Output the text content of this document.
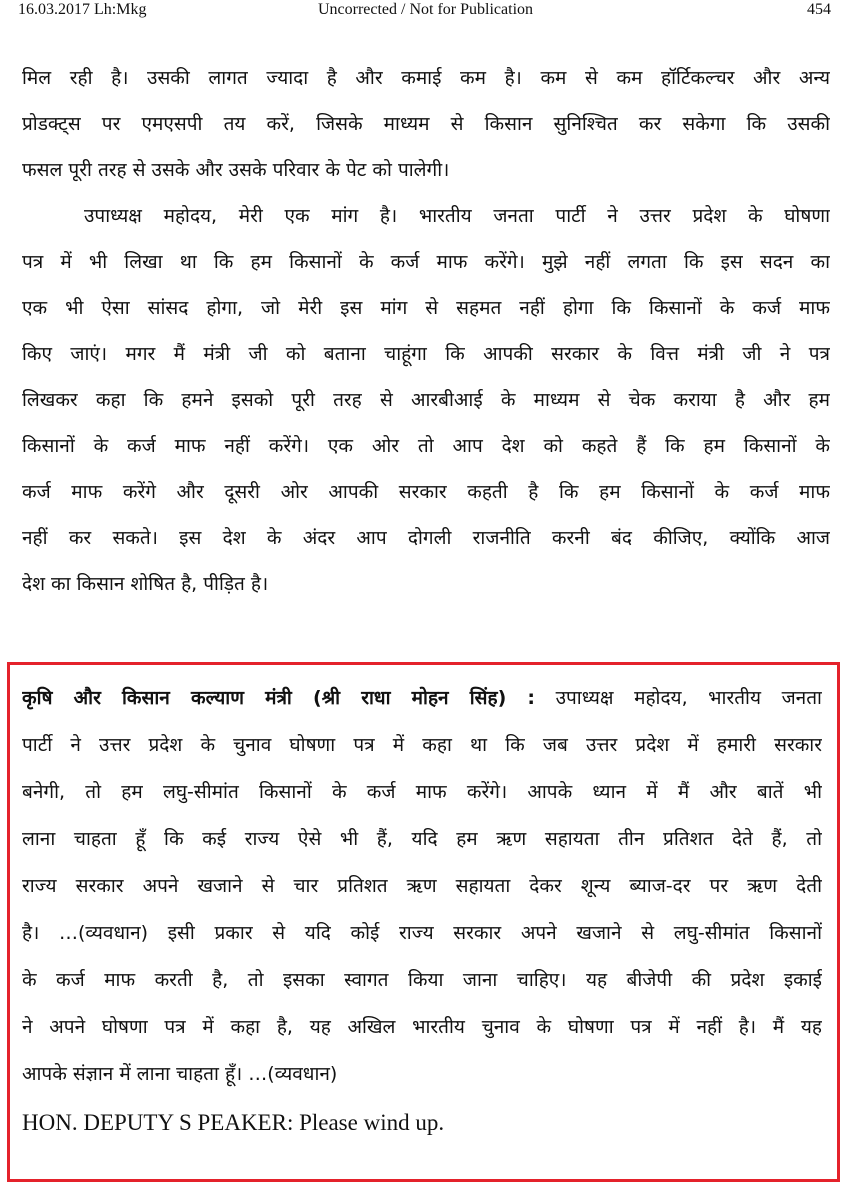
16.03.2017 Lh:Mkg	Uncorrected / Not for Publication	454
मिल रही है। उसकी लागत ज्यादा है और कमाई कम है। कम से कम हॉर्टिकल्चर और अन्य
प्रोडक्ट्स पर एमएसपी तय करें, जिसके माध्यम से किसान सुनिश्चित कर सकेगा कि उसकी
फसल पूरी तरह से उसके और उसके परिवार के पेट को पालेगी।
उपाध्यक्ष महोदय, मेरी एक मांग है। भारतीय जनता पार्टी ने उत्तर प्रदेश के घोषणा
पत्र में भी लिखा था कि हम किसानों के कर्ज माफ करेंगे। मुझे नहीं लगता कि इस सदन का
एक भी ऐसा सांसद होगा, जो मेरी इस मांग से सहमत नहीं होगा कि किसानों के कर्ज माफ
किए जाएं। मगर मैं मंत्री जी को बताना चाहूंगा कि आपकी सरकार के वित्त मंत्री जी ने पत्र
लिखकर कहा कि हमने इसको पूरी तरह से आरबीआई के माध्यम से चेक कराया है और हम
किसानों के कर्ज माफ नहीं करेंगे। एक ओर तो आप देश को कहते हैं कि हम किसानों के
कर्ज माफ करेंगे और दूसरी ओर आपकी सरकार कहती है कि हम किसानों के कर्ज माफ
नहीं कर सकते। इस देश के अंदर आप दोगली राजनीति करनी बंद कीजिए, क्योंकि आज
देश का किसान शोषित है, पीड़ित है।
कृषि और किसान कल्याण मंत्री (श्री राधा मोहन सिंह) : उपाध्यक्ष महोदय, भारतीय जनता
पार्टी ने उत्तर प्रदेश के चुनाव घोषणा पत्र में कहा था कि जब उत्तर प्रदेश में हमारी सरकार
बनेगी, तो हम लघु-सीमांत किसानों के कर्ज माफ करेंगे। आपके ध्यान में मैं और बातें भी
लाना चाहता हूँ कि कई राज्य ऐसे भी हैं, यदि हम ऋण सहायता तीन प्रतिशत देते हैं, तो
राज्य सरकार अपने खजाने से चार प्रतिशत ऋण सहायता देकर शून्य ब्याज-दर पर ऋण देती
है। …(व्यवधान) इसी प्रकार से यदि कोई राज्य सरकार अपने खजाने से लघु-सीमांत किसानों
के कर्ज माफ करती है, तो इसका स्वागत किया जाना चाहिए। यह बीजेपी की प्रदेश इकाई
ने अपने घोषणा पत्र में कहा है, यह अखिल भारतीय चुनाव के घोषणा पत्र में नहीं है। मैं यह
आपके संज्ञान में लाना चाहता हूँ। …(व्यवधान)
HON. DEPUTY S PEAKER: Please wind up.
